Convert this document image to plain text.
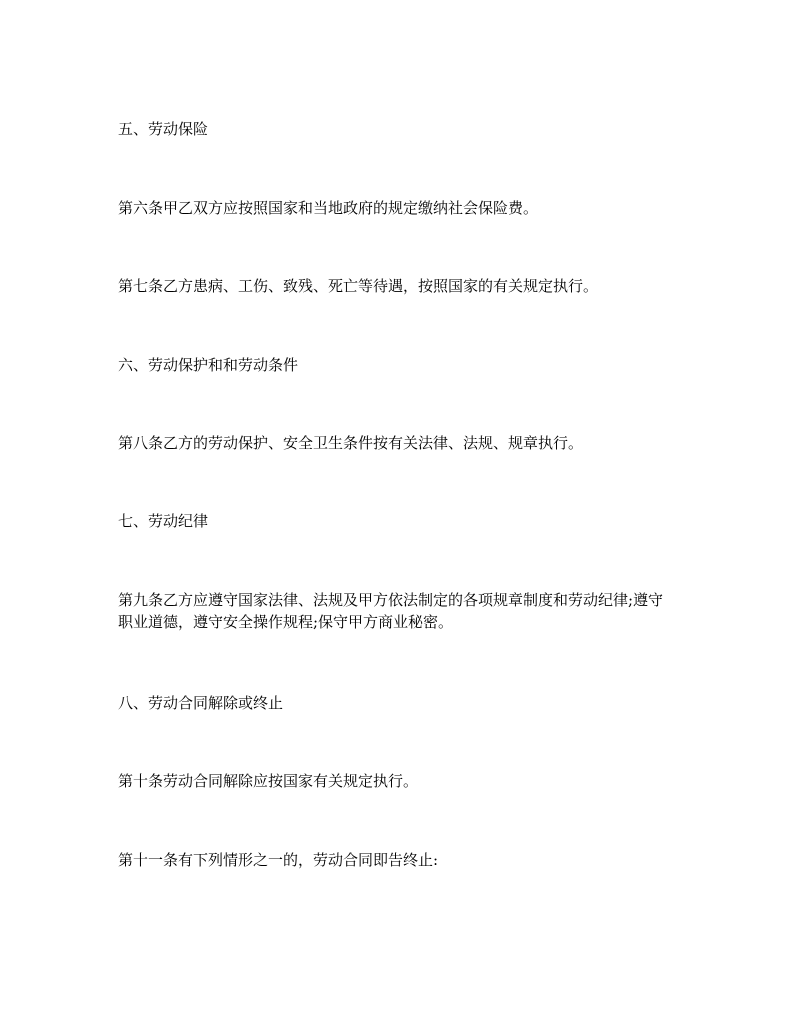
五、劳动保险

第六条甲乙双方应按照国家和当地政府的规定缴纳社会保险费。

第七条乙方患病、工伤、致残、死亡等待遇，按照国家的有关规定执行。

六、劳动保护和和劳动条件

第八条乙方的劳动保护、安全卫生条件按有关法律、法规、规章执行。

七、劳动纪律

第九条乙方应遵守国家法律、法规及甲方依法制定的各项规章制度和劳动纪律;遵守职业道德，遵守安全操作规程;保守甲方商业秘密。

八、劳动合同解除或终止

第十条劳动合同解除应按国家有关规定执行。

第十一条有下列情形之一的，劳动合同即告终止:
